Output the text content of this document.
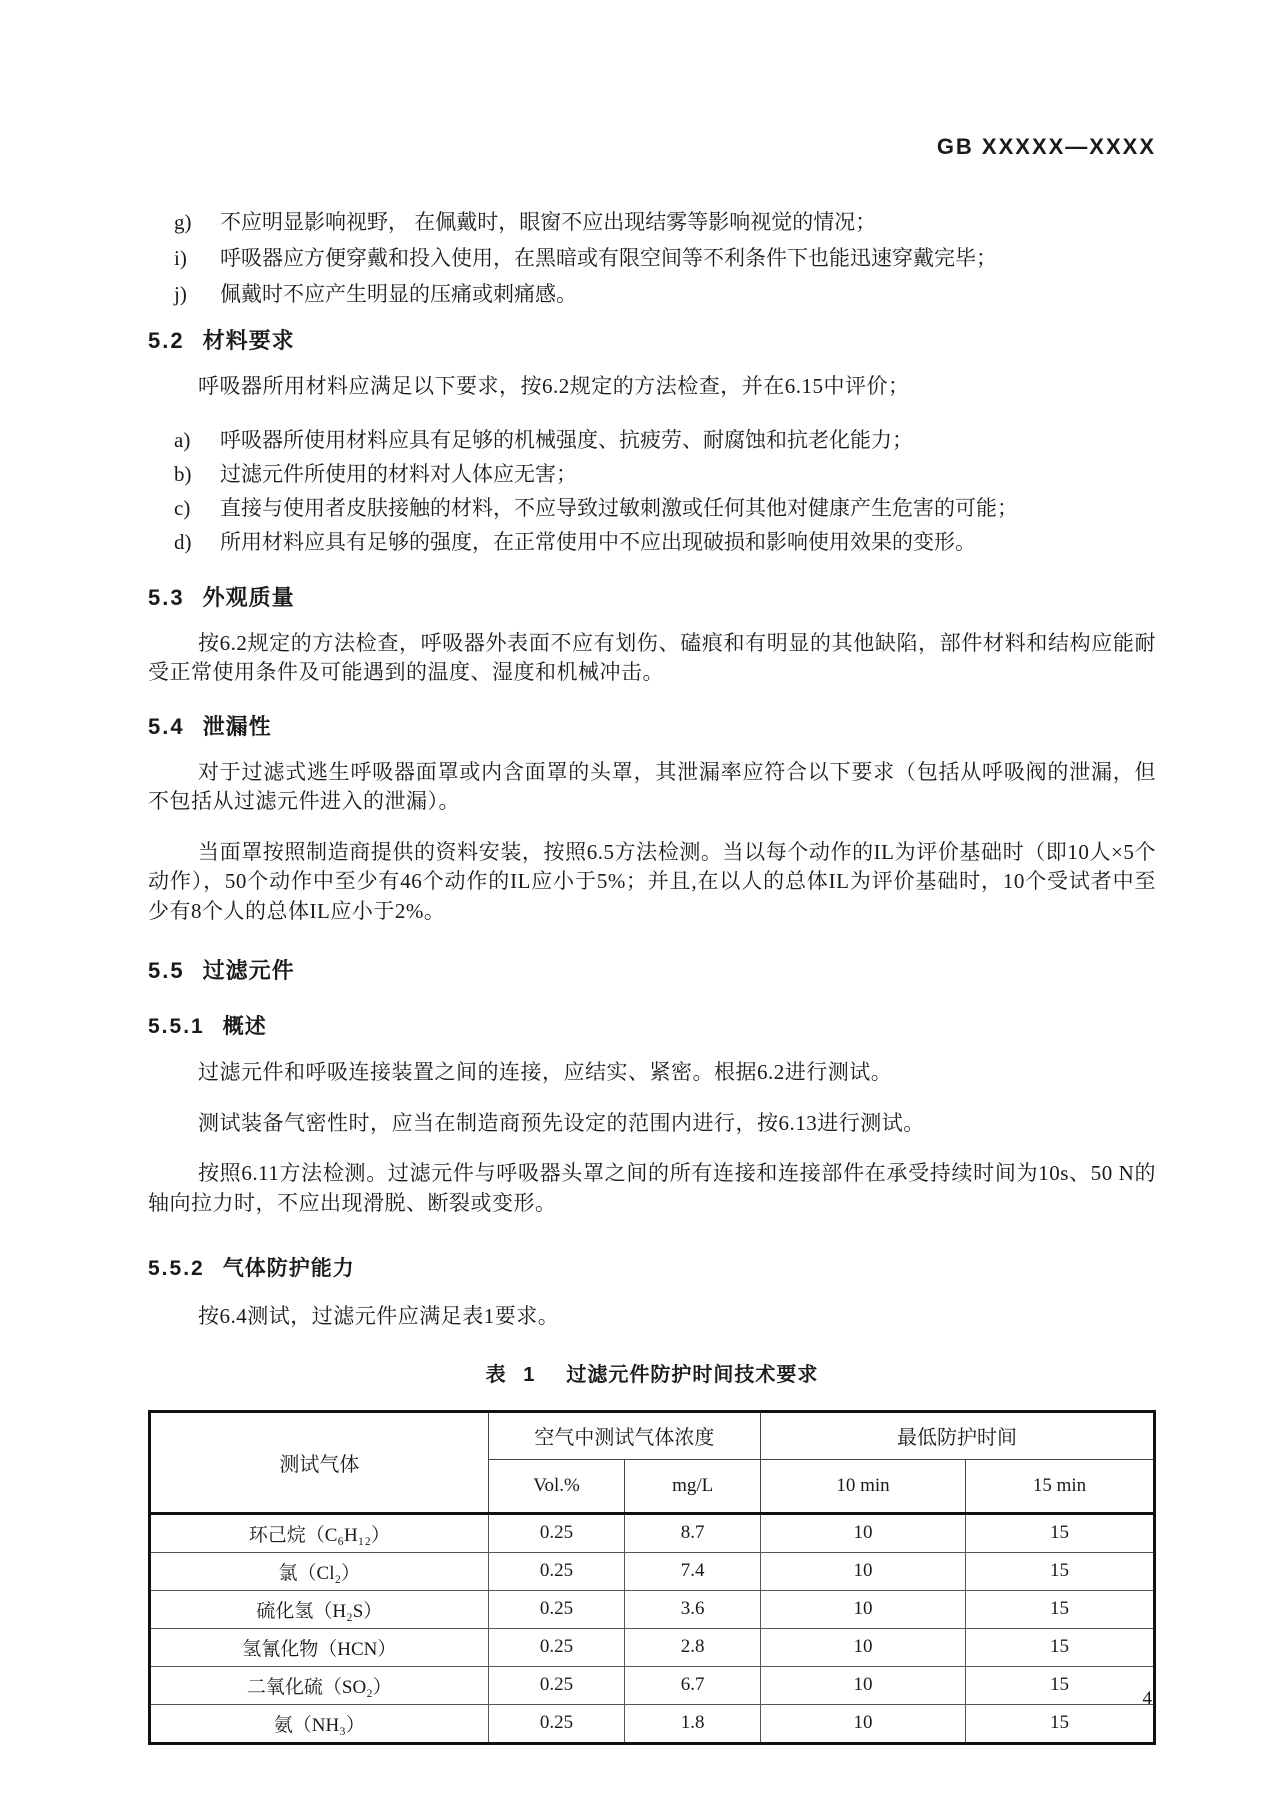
GB XXXXX—XXXX
g)	不应明显影响视野， 在佩戴时，眼窗不应出现结雾等影响视觉的情况；
i)	呼吸器应方便穿戴和投入使用，在黑暗或有限空间等不利条件下也能迅速穿戴完毕；
j)	佩戴时不应产生明显的压痛或刺痛感。
5.2 材料要求

呼吸器所用材料应满足以下要求，按6.2规定的方法检查，并在6.15中评价；

a)	呼吸器所使用材料应具有足够的机械强度、抗疲劳、耐腐蚀和抗老化能力；
b)	过滤元件所使用的材料对人体应无害；
c)	直接与使用者皮肤接触的材料，不应导致过敏刺激或任何其他对健康产生危害的可能；
d)	所用材料应具有足够的强度，在正常使用中不应出现破损和影响使用效果的变形。
5.3 外观质量

按6.2规定的方法检查，呼吸器外表面不应有划伤、磕痕和有明显的其他缺陷，部件材料和结构应能耐受正常使用条件及可能遇到的温度、湿度和机械冲击。

5.4 泄漏性

对于过滤式逃生呼吸器面罩或内含面罩的头罩，其泄漏率应符合以下要求（包括从呼吸阀的泄漏，但不包括从过滤元件进入的泄漏）。

当面罩按照制造商提供的资料安装，按照6.5方法检测。当以每个动作的IL为评价基础时（即10人×5个动作），50个动作中至少有46个动作的IL应小于5%；并且,在以人的总体IL为评价基础时，10个受试者中至少有8个人的总体IL应小于2%。

5.5 过滤元件
5.5.1 概述

过滤元件和呼吸连接装置之间的连接，应结实、紧密。根据6.2进行测试。

测试装备气密性时，应当在制造商预先设定的范围内进行，按6.13进行测试。

按照6.11方法检测。过滤元件与呼吸器头罩之间的所有连接和连接部件在承受持续时间为10s、50 N的轴向拉力时，不应出现滑脱、断裂或变形。

5.5.2 气体防护能力

按6.4测试，过滤元件应满足表1要求。

表 1 过滤元件防护时间技术要求
测试气体	空气中测试气体浓度		最低防护时间	
	Vol.%	mg/L	10 min	15 min
环己烷（C₆H₁₂）	0.25	8.7	10	15
氯（Cl₂）	0.25	7.4	10	15
硫化氢（H₂S）	0.25	3.6	10	15
氢氰化物（HCN）	0.25	2.8	10	15
二氧化硫（SO₂）	0.25	6.7	10	15
氨（NH₃）	0.25	1.8	10	15
4
